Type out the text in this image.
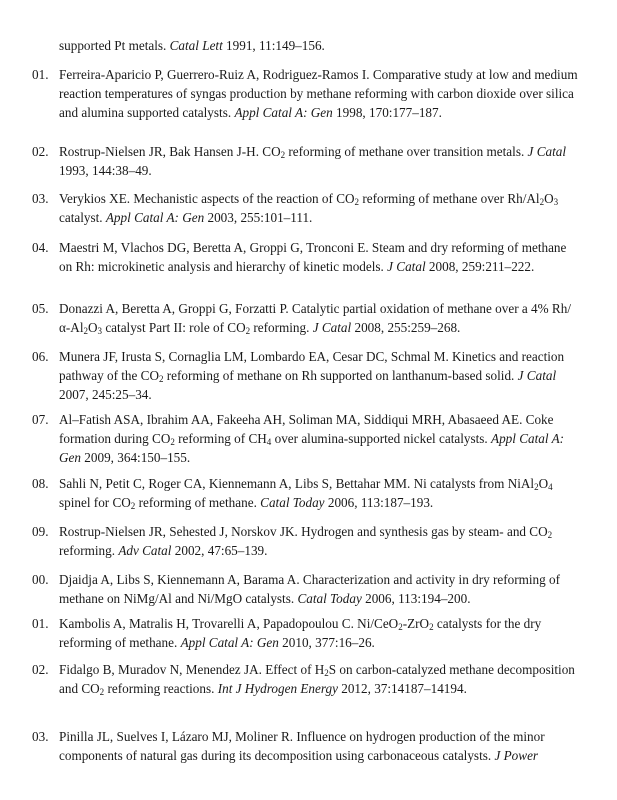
supported Pt metals. Catal Lett 1991, 11:149–156.
01. Ferreira-Aparicio P, Guerrero-Ruiz A, Rodriguez-Ramos I. Comparative study at low and medium reaction temperatures of syngas production by methane reforming with carbon dioxide over silica and alumina supported catalysts. Appl Catal A: Gen 1998, 170:177–187.
02. Rostrup-Nielsen JR, Bak Hansen J-H. $CO_2$ reforming of methane over transition metals. J Catal 1993, 144:38–49.
03. Verykios XE. Mechanistic aspects of the reaction of $CO_2$ reforming of methane over $Rh/Al_2O_3$ catalyst. Appl Catal A: Gen 2003, 255:101–111.
04. Maestri M, Vlachos DG, Beretta A, Groppi G, Tronconi E. Steam and dry reforming of methane on Rh: microkinetic analysis and hierarchy of kinetic models. J Catal 2008, 259:211–222.
05. Donazzi A, Beretta A, Groppi G, Forzatti P. Catalytic partial oxidation of methane over a 4% $Rh/\alpha-Al_2O_3$ catalyst Part II: role of $CO_2$ reforming. J Catal 2008, 255:259–268.
06. Munera JF, Irusta S, Cornaglia LM, Lombardo EA, Cesar DC, Schmal M. Kinetics and reaction pathway of the $CO_2$ reforming of methane on Rh supported on lanthanum-based solid. J Catal 2007, 245:25–34.
07. Al–Fatish ASA, Ibrahim AA, Fakeeha AH, Soliman MA, Siddiqui MRH, Abasaeed AE. Coke formation during $CO_2$ reforming of $CH_4$ over alumina-supported nickel catalysts. Appl Catal A: Gen 2009, 364:150–155.
08. Sahli N, Petit C, Roger CA, Kiennemann A, Libs S, Bettahar MM. Ni catalysts from $NiAl_2O_4$ spinel for $CO_2$ reforming of methane. Catal Today 2006, 113:187–193.
09. Rostrup-Nielsen JR, Sehested J, Norskov JK. Hydrogen and synthesis gas by steam- and $CO_2$ reforming. Adv Catal 2002, 47:65–139.
00. Djaidja A, Libs S, Kiennemann A, Barama A. Characterization and activity in dry reforming of methane on NiMg/Al and Ni/MgO catalysts. Catal Today 2006, 113:194–200.
01. Kambolis A, Matralis H, Trovarelli A, Papadopoulou C. Ni/CeO$_2$-ZrO$_2$ catalysts for the dry reforming of methane. Appl Catal A: Gen 2010, 377:16–26.
02. Fidalgo B, Muradov N, Menendez JA. Effect of $H_2S$ on carbon-catalyzed methane decomposition and $CO_2$ reforming reactions. Int J Hydrogen Energy 2012, 37:14187–14194.
03. Pinilla JL, Suelves I, Lázaro MJ, Moliner R. Influence on hydrogen production of the minor components of natural gas during its decomposition using carbonaceous catalysts. J Power
